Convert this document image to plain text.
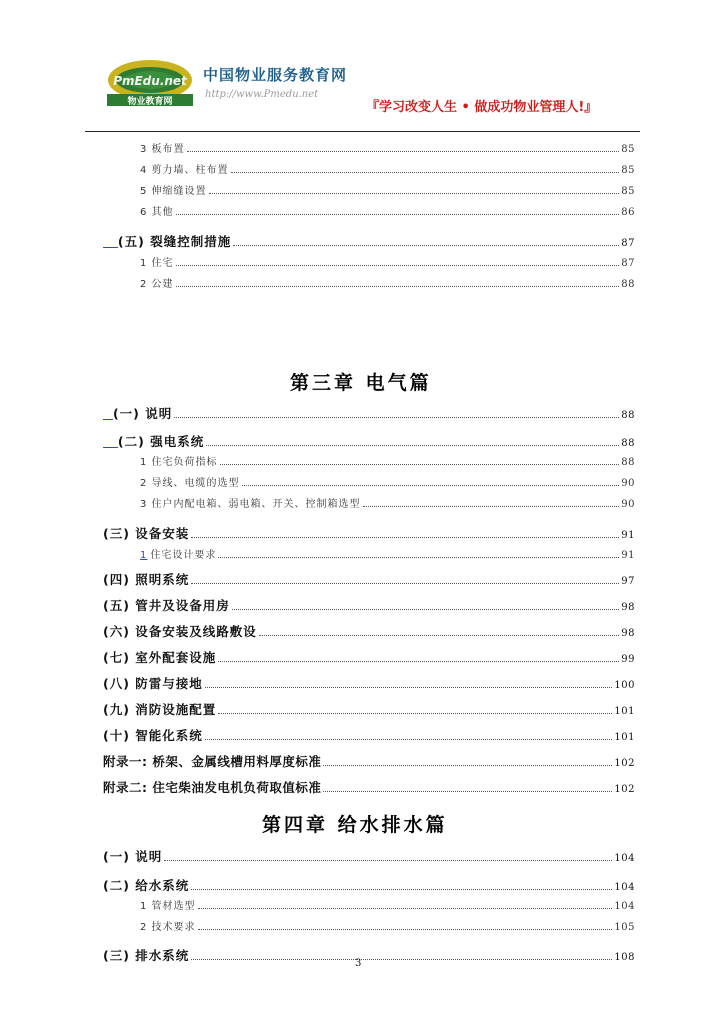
PmEdu.net
物业教育网
中国物业服务教育网
http://www.Pmedu.net
『学习改变人生 • 做成功物业管理人!』
3 板布置	85
4 剪力墙、柱布置	85
5 伸缩缝设置	85
6 其他	86

(五) 裂缝控制措施	87
1 住宅	87
2 公建	88
第三章 电气篇

(一) 说明	88

(二) 强电系统	88
1 住宅负荷指标	88
2 导线、电缆的选型	90
3 住户内配电箱、弱电箱、开关、控制箱选型	90
(三) 设备安装	91
1 住宅设计要求	91
(四) 照明系统	97
(五) 管井及设备用房	98
(六) 设备安装及线路敷设	98
(七) 室外配套设施	99
(八) 防雷与接地	100
(九) 消防设施配置	101
(十) 智能化系统	101
附录一: 桥架、金属线槽用料厚度标准	102
附录二: 住宅柴油发电机负荷取值标准	102
第四章 给水排水篇
(一) 说明	104
(二) 给水系统	104
1 管材选型	104
2 技术要求	105
(三) 排水系统	108
3
